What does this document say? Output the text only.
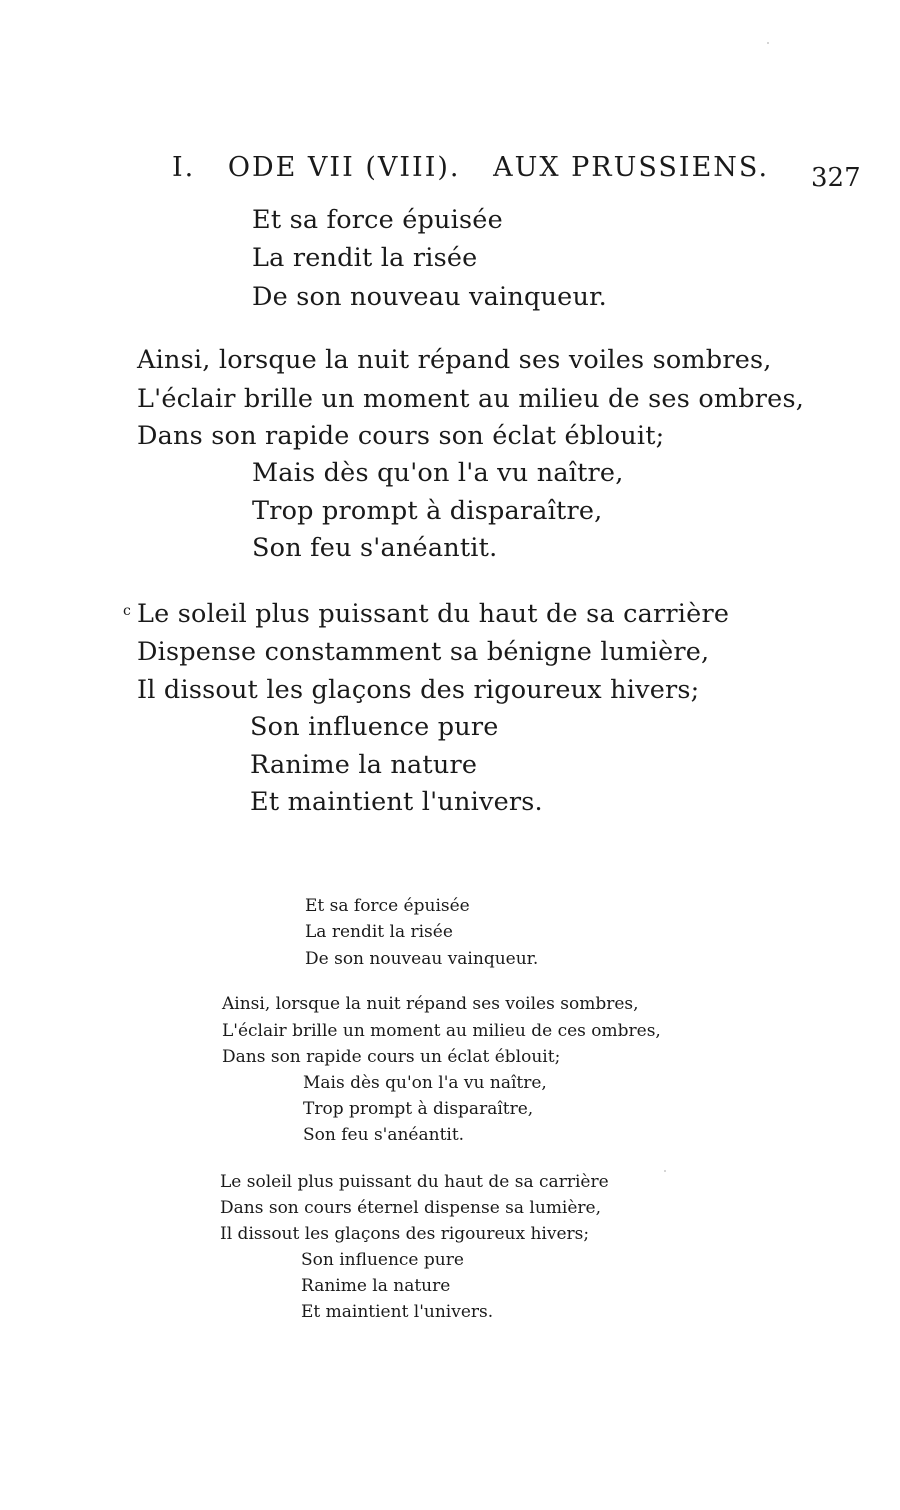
I. ODE VII (VIII). AUX PRUSSIENS. 327
Et sa force épuisée
La rendit la risée
De son nouveau vainqueur.
Ainsi, lorsque la nuit répand ses voiles sombres,
L'éclair brille un moment au milieu de ses ombres,
Dans son rapide cours son éclat éblouit;
Mais dès qu'on l'a vu naître,
Trop prompt à disparaître,
Son feu s'anéantit.
c Le soleil plus puissant du haut de sa carrière
Dispense constamment sa bénigne lumière,
Il dissout les glaçons des rigoureux hivers;
Son influence pure
Ranime la nature
Et maintient l'univers.
Et sa force épuisée
La rendit la risée
De son nouveau vainqueur.
Ainsi, lorsque la nuit répand ses voiles sombres,
L'éclair brille un moment au milieu de ces ombres,
Dans son rapide cours un éclat éblouit;
Mais dès qu'on l'a vu naître,
Trop prompt à disparaître,
Son feu s'anéantit.
Le soleil plus puissant du haut de sa carrière
Dans son cours éternel dispense sa lumière,
Il dissout les glaçons des rigoureux hivers;
Son influence pure
Ranime la nature
Et maintient l'univers.
